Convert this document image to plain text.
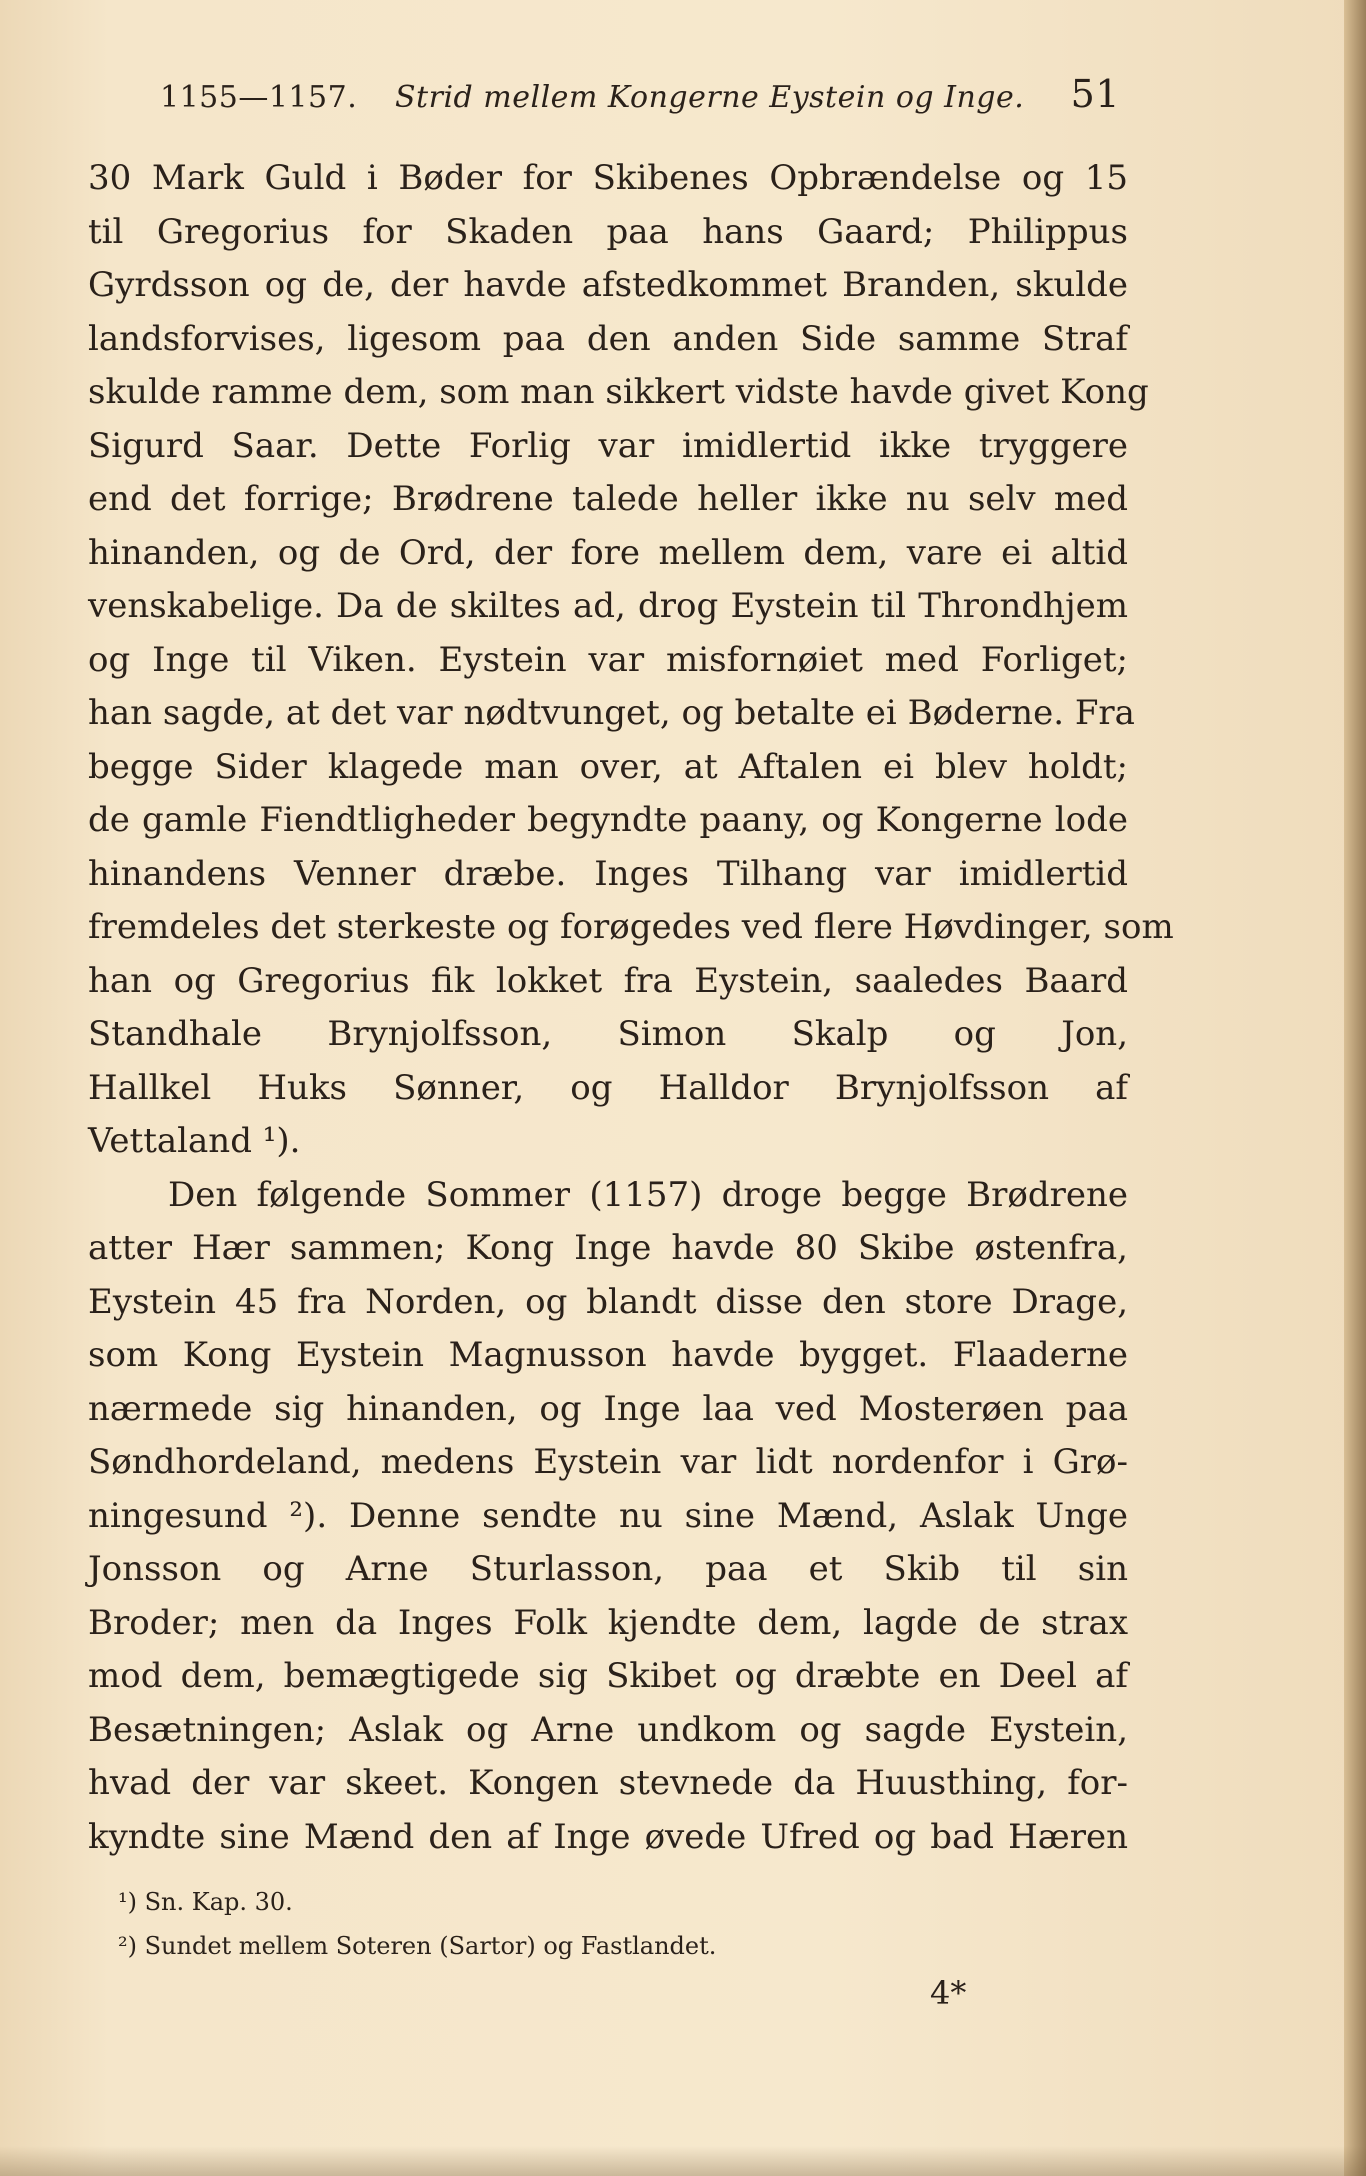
1155—1157. Strid mellem Kongerne Eystein og Inge. 51
30 Mark Guld i Bøder for Skibenes Opbrændelse og 15
til Gregorius for Skaden paa hans Gaard; Philippus
Gyrdsson og de, der havde afstedkommet Branden, skulde
landsforvises, ligesom paa den anden Side samme Straf
skulde ramme dem, som man sikkert vidste havde givet Kong
Sigurd Saar. Dette Forlig var imidlertid ikke tryggere
end det forrige; Brødrene talede heller ikke nu selv med
hinanden, og de Ord, der fore mellem dem, vare ei altid
venskabelige. Da de skiltes ad, drog Eystein til Throndhjem
og Inge til Viken. Eystein var misfornøiet med Forliget;
han sagde, at det var nødtvunget, og betalte ei Bøderne. Fra
begge Sider klagede man over, at Aftalen ei blev holdt;
de gamle Fiendtligheder begyndte paany, og Kongerne lode
hinandens Venner dræbe. Inges Tilhang var imidlertid
fremdeles det sterkeste og forøgedes ved flere Høvdinger, som
han og Gregorius fik lokket fra Eystein, saaledes Baard
Standhale Brynjolfsson, Simon Skalp og Jon,
Hallkel Huks Sønner, og Halldor Brynjolfsson af
Vettaland ¹).
Den følgende Sommer (1157) droge begge Brødrene
atter Hær sammen; Kong Inge havde 80 Skibe østenfra,
Eystein 45 fra Norden, og blandt disse den store Drage,
som Kong Eystein Magnusson havde bygget. Flaaderne
nærmede sig hinanden, og Inge laa ved Mosterøen paa
Søndhordeland, medens Eystein var lidt nordenfor i Grø-
ningesund ²). Denne sendte nu sine Mænd, Aslak Unge
Jonsson og Arne Sturlasson, paa et Skib til sin
Broder; men da Inges Folk kjendte dem, lagde de strax
mod dem, bemægtigede sig Skibet og dræbte en Deel af
Besætningen; Aslak og Arne undkom og sagde Eystein,
hvad der var skeet. Kongen stevnede da Huusthing, for-
kyndte sine Mænd den af Inge øvede Ufred og bad Hæren
¹) Sn. Kap. 30.
²) Sundet mellem Soteren (Sartor) og Fastlandet.
4*
